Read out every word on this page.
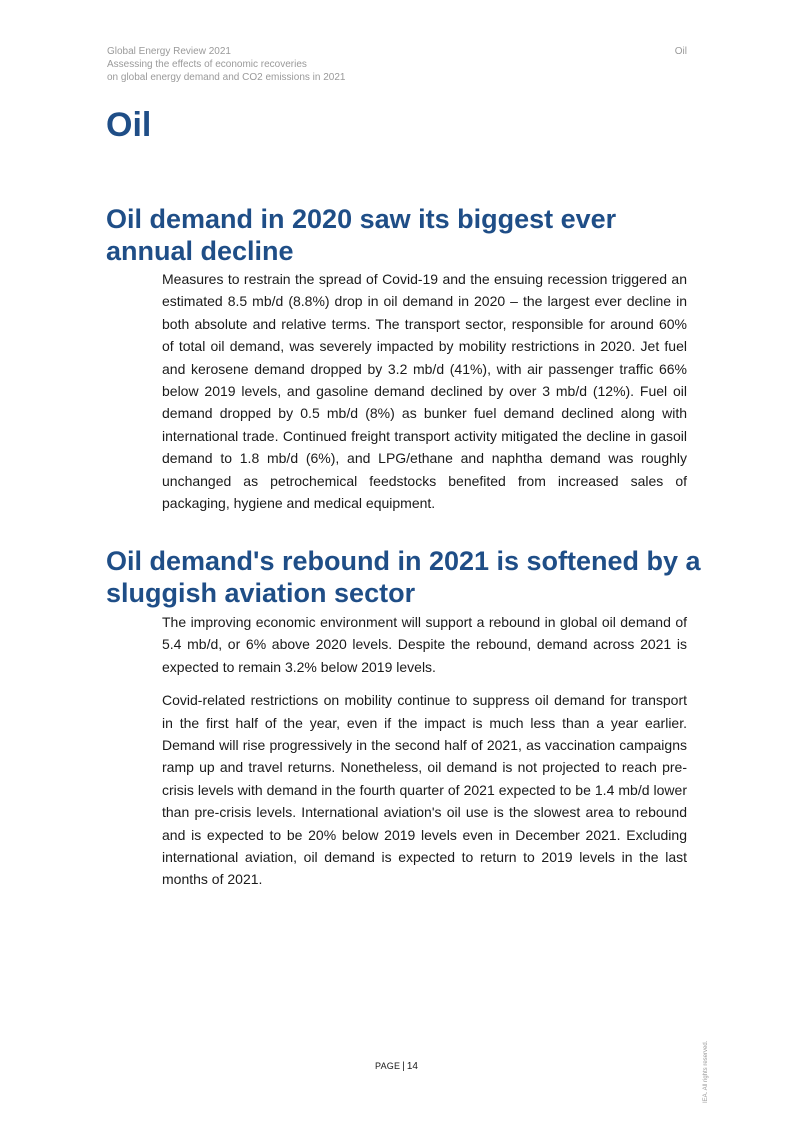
Global Energy Review 2021
Assessing the effects of economic recoveries
on global energy demand and CO2 emissions in 2021
Oil
Oil
Oil demand in 2020 saw its biggest ever annual decline

Measures to restrain the spread of Covid-19 and the ensuing recession triggered an estimated 8.5 mb/d (8.8%) drop in oil demand in 2020 – the largest ever decline in both absolute and relative terms. The transport sector, responsible for around 60% of total oil demand, was severely impacted by mobility restrictions in 2020. Jet fuel and kerosene demand dropped by 3.2 mb/d (41%), with air passenger traffic 66% below 2019 levels, and gasoline demand declined by over 3 mb/d (12%). Fuel oil demand dropped by 0.5 mb/d (8%) as bunker fuel demand declined along with international trade. Continued freight transport activity mitigated the decline in gasoil demand to 1.8 mb/d (6%), and LPG/ethane and naphtha demand was roughly unchanged as petrochemical feedstocks benefited from increased sales of packaging, hygiene and medical equipment.

Oil demand's rebound in 2021 is softened by a sluggish aviation sector

The improving economic environment will support a rebound in global oil demand of 5.4 mb/d, or 6% above 2020 levels. Despite the rebound, demand across 2021 is expected to remain 3.2% below 2019 levels.

Covid-related restrictions on mobility continue to suppress oil demand for transport in the first half of the year, even if the impact is much less than a year earlier. Demand will rise progressively in the second half of 2021, as vaccination campaigns ramp up and travel returns. Nonetheless, oil demand is not projected to reach pre-crisis levels with demand in the fourth quarter of 2021 expected to be 1.4 mb/d lower than pre-crisis levels. International aviation's oil use is the slowest area to rebound and is expected to be 20% below 2019 levels even in December 2021. Excluding international aviation, oil demand is expected to return to 2019 levels in the last months of 2021.

PAGE | 14	IEA. All rights reserved.
